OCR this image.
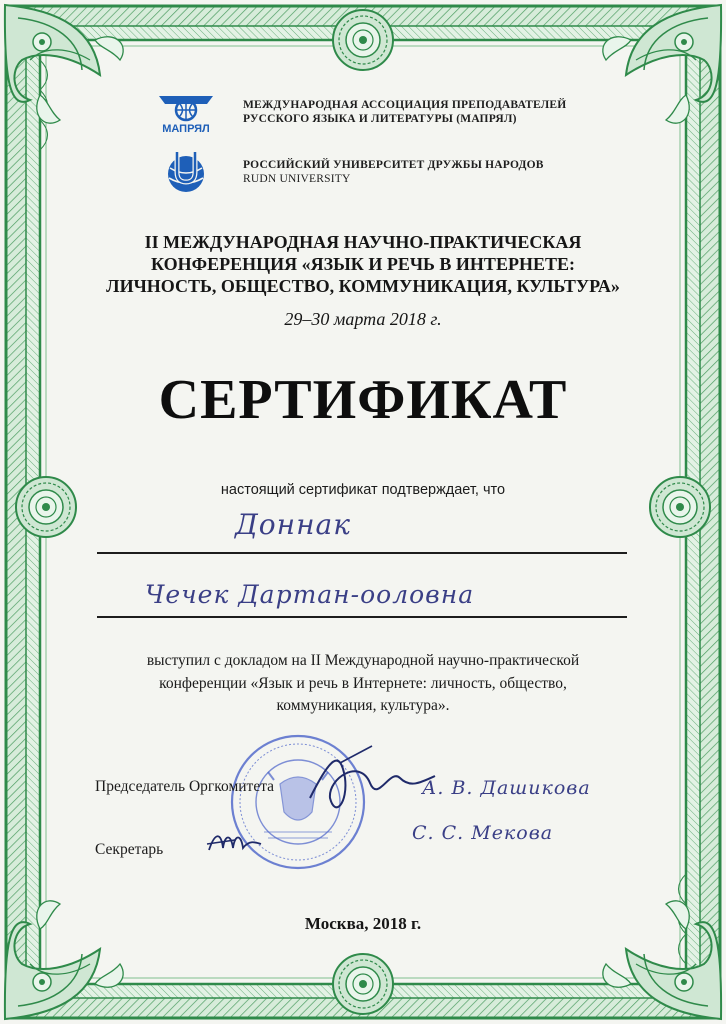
МАПРЯЛ
МЕЖДУНАРОДНАЯ АССОЦИАЦИЯ ПРЕПОДАВАТЕЛЕЙ
РУССКОГО ЯЗЫКА И ЛИТЕРАТУРЫ (МАПРЯЛ)
РОССИЙСКИЙ УНИВЕРСИТЕТ ДРУЖБЫ НАРОДОВ
RUDN UNIVERSITY
II МЕЖДУНАРОДНАЯ НАУЧНО-ПРАКТИЧЕСКАЯ
КОНФЕРЕНЦИЯ «ЯЗЫК И РЕЧЬ В ИНТЕРНЕТЕ:
ЛИЧНОСТЬ, ОБЩЕСТВО, КОММУНИКАЦИЯ, КУЛЬТУРА»
29–30 марта 2018 г.
СЕРТИФИКАТ
настоящий сертификат подтверждает, что
Доннак
Чечек Дартан-ооловна
выступил с докладом на II Международной научно-практической
конференции «Язык и речь в Интернете: личность, общество,
коммуникация, культура».
Председатель Оргкомитета
Секретарь
А. В. Дашикова
С. С. Мекова
Москва, 2018 г.
